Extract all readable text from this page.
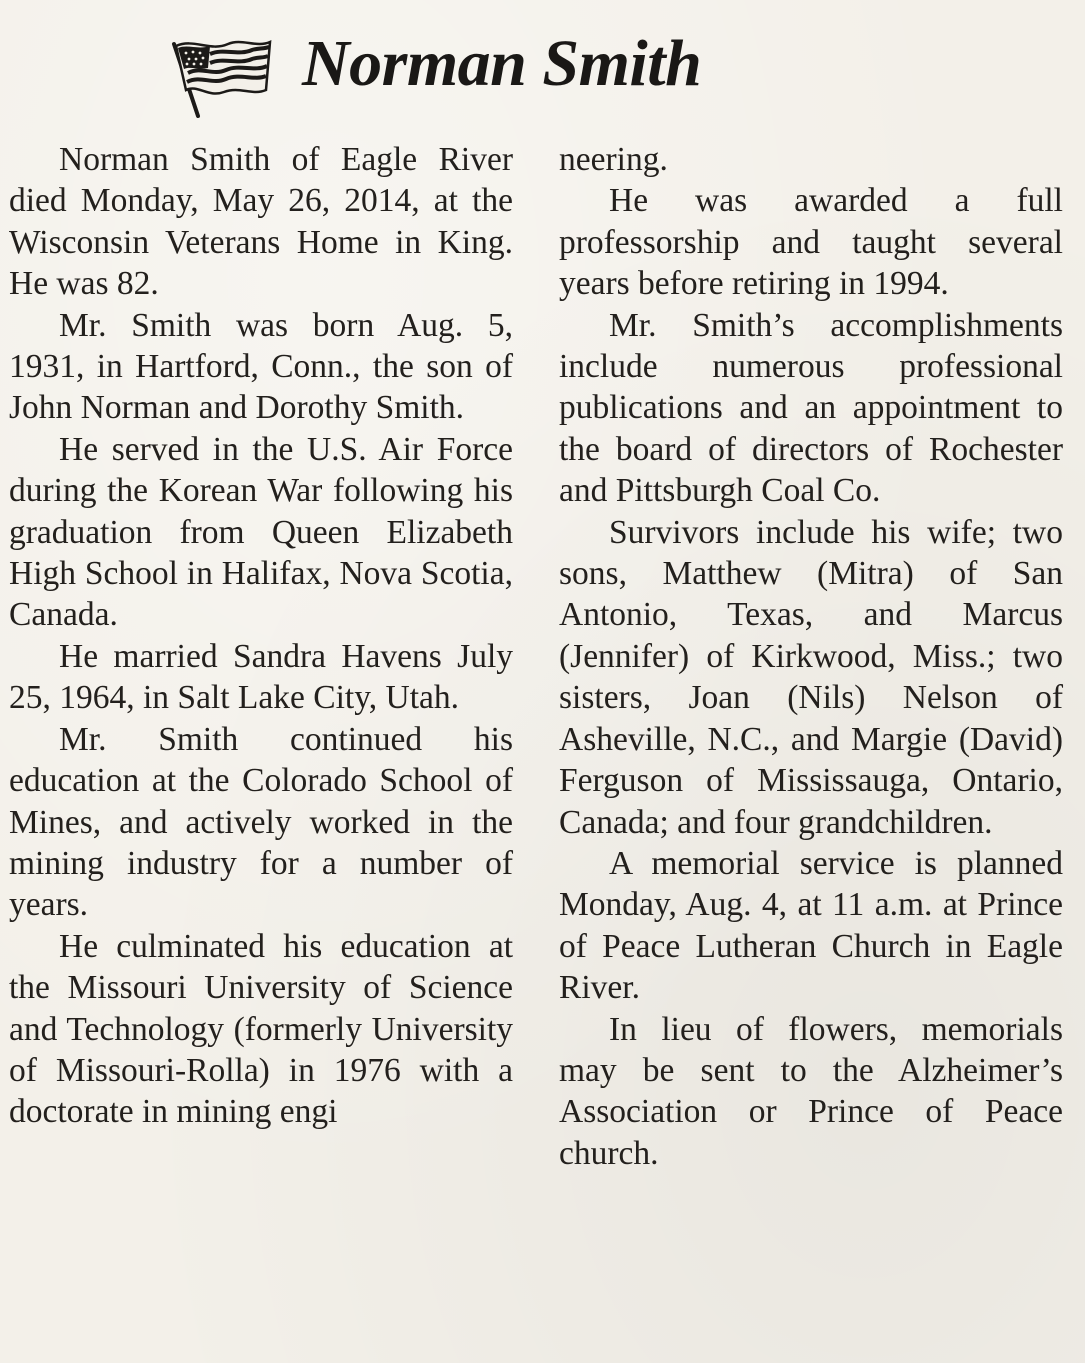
Norman Smith

Norman Smith of Eagle River died Monday, May 26, 2014, at the Wisconsin Veterans Home in King. He was 82.

Mr. Smith was born Aug. 5, 1931, in Hartford, Conn., the son of John Norman and Dorothy Smith.

He served in the U.S. Air Force during the Korean War following his graduation from Queen Elizabeth High School in Halifax, Nova Scotia, Canada.

He married Sandra Havens July 25, 1964, in Salt Lake City, Utah.

Mr. Smith continued his education at the Colorado School of Mines, and actively worked in the mining industry for a number of years.

He culminated his education at the Missouri University of Science and Technology (formerly University of Missouri-Rolla) in 1976 with a doctorate in mining engi

neering.

He was awarded a full professorship and taught several years before retiring in 1994.

Mr. Smith’s accomplishments include numerous professional publications and an appointment to the board of directors of Rochester and Pittsburgh Coal Co.

Survivors include his wife; two sons, Matthew (Mitra) of San Antonio, Texas, and Marcus (Jennifer) of Kirkwood, Miss.; two sisters, Joan (Nils) Nelson of Asheville, N.C., and Margie (David) Ferguson of Mississauga, Ontario, Canada; and four grandchildren.

A memorial service is planned Monday, Aug. 4, at 11 a.m. at Prince of Peace Lutheran Church in Eagle River.

In lieu of flowers, memorials may be sent to the Alzheimer’s Association or Prince of Peace church.
